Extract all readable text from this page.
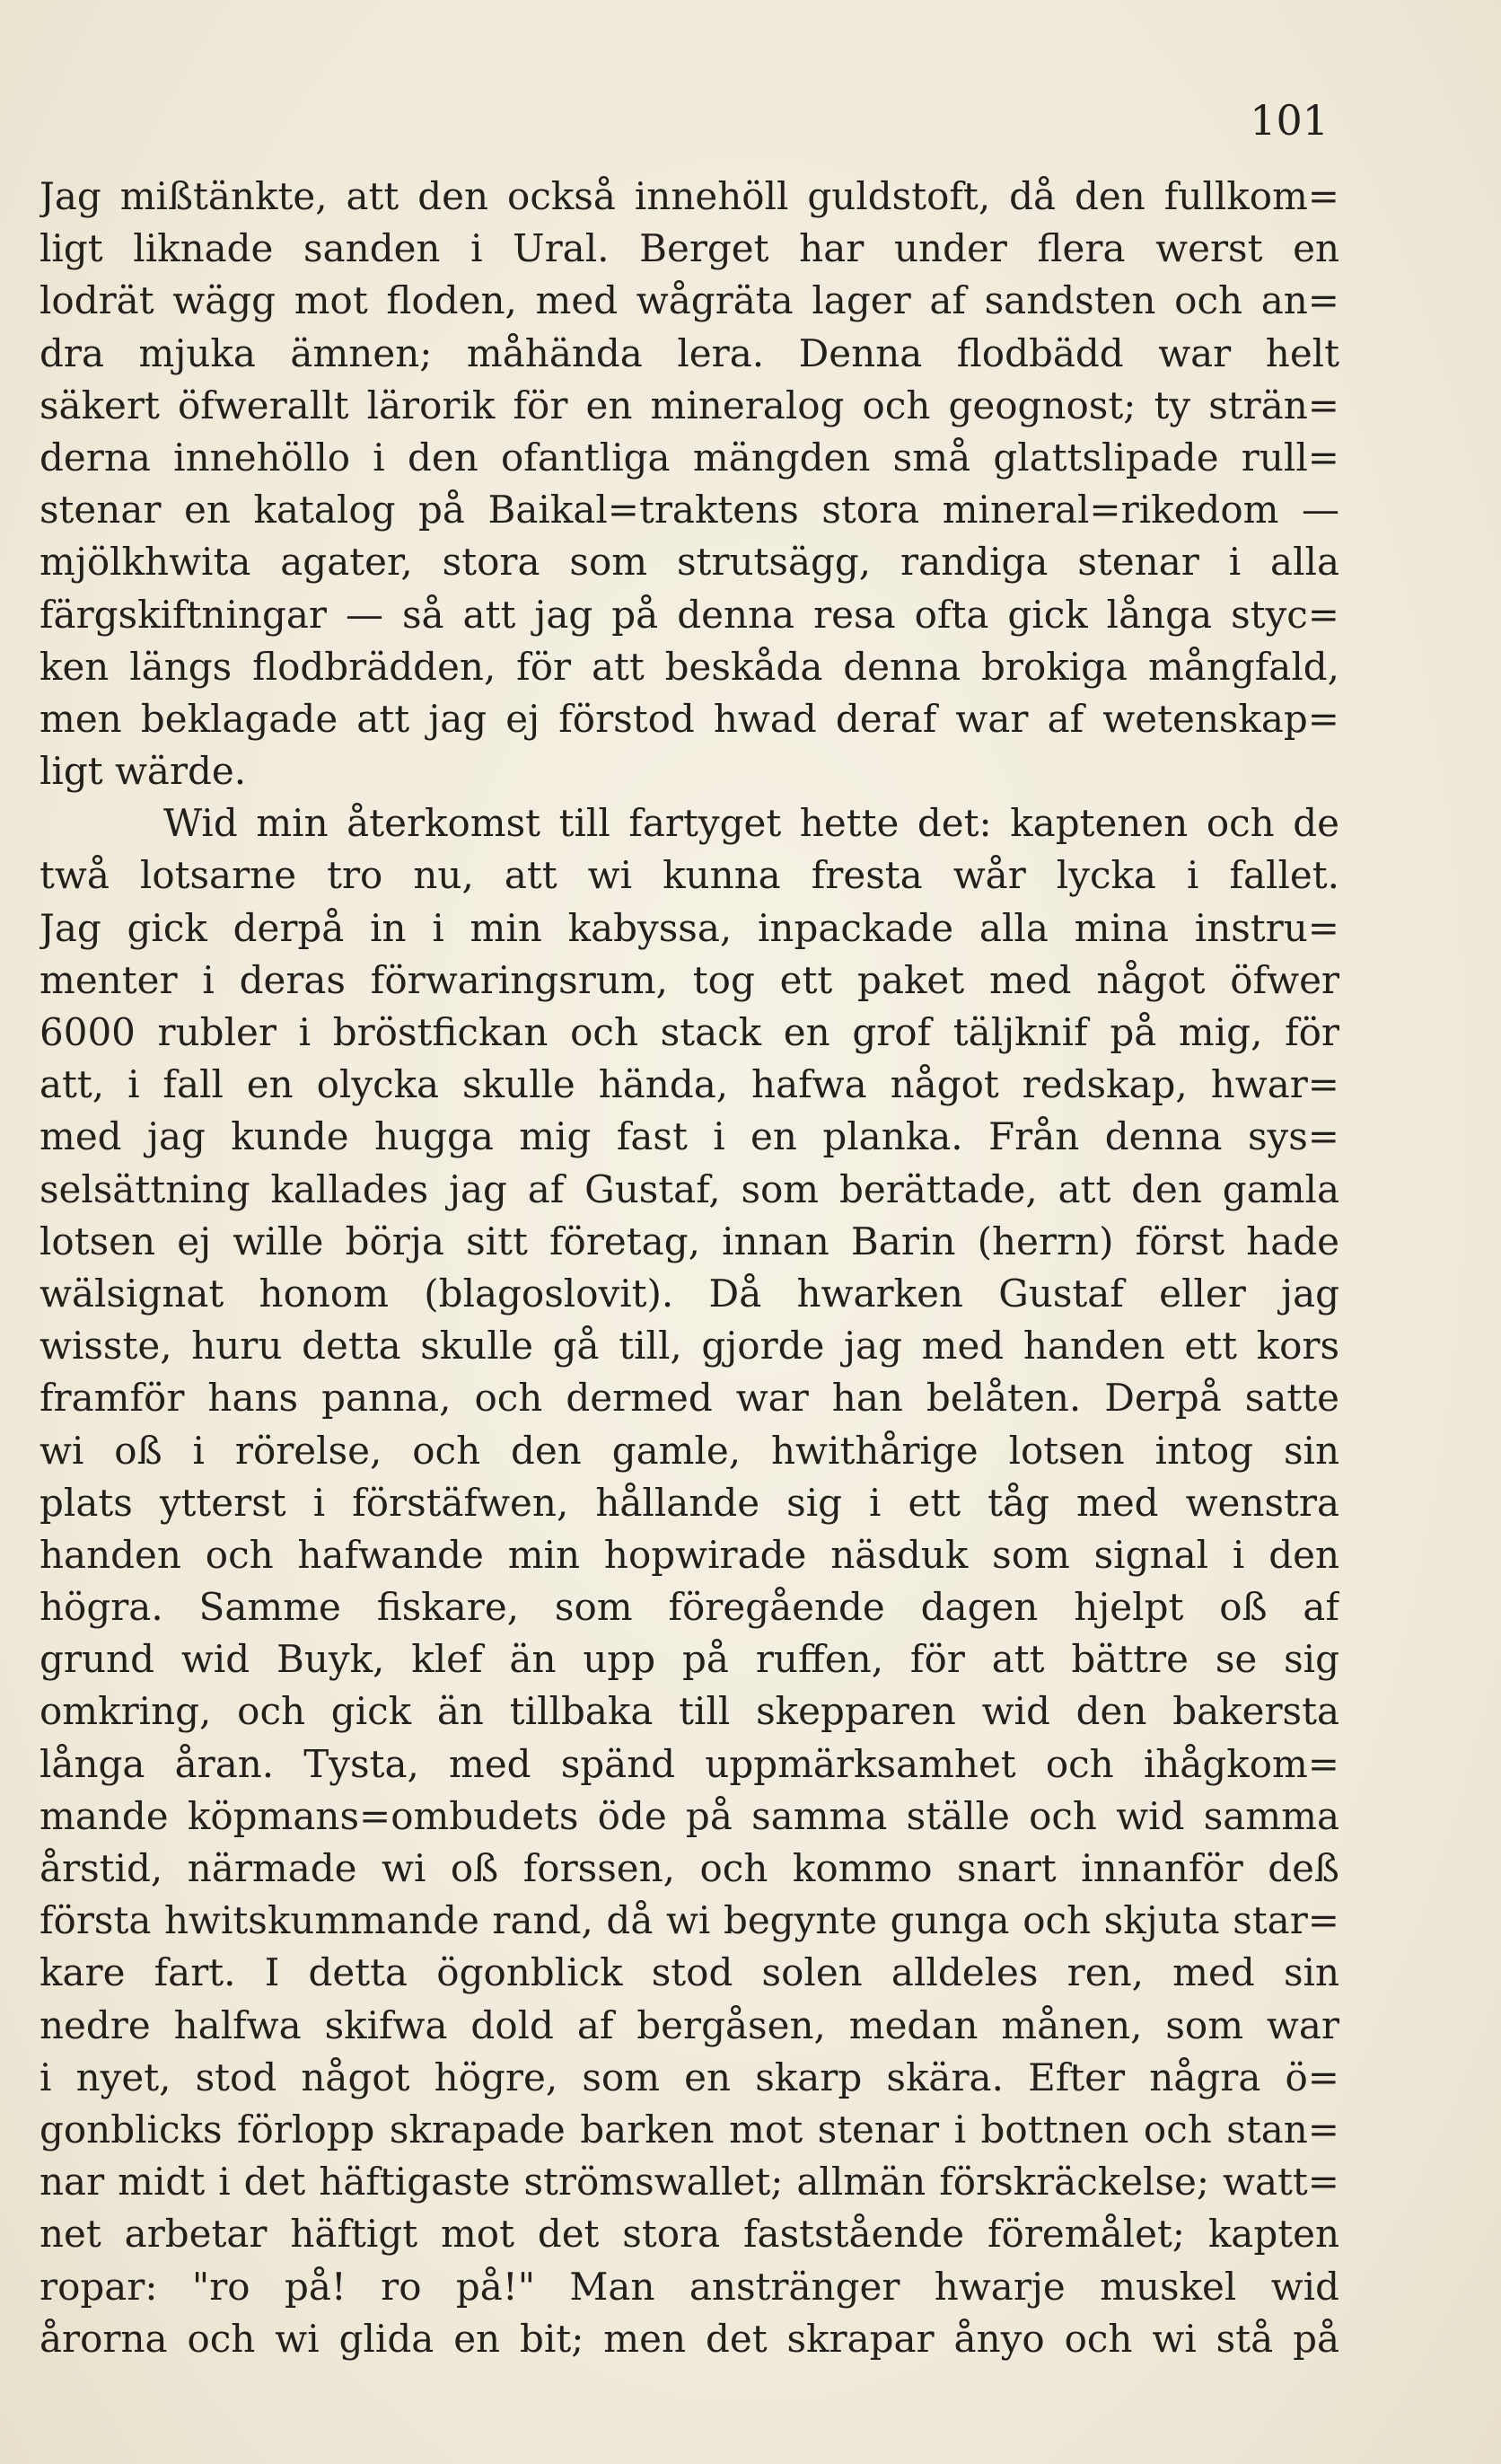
101
Jag mißtänkte, att den också innehöll guldstoft, då den fullkom=
ligt liknade sanden i Ural. Berget har under flera werst en
lodrät wägg mot floden, med wågräta lager af sandsten och an=
dra mjuka ämnen; måhända lera. Denna flodbädd war helt
säkert öfwerallt lärorik för en mineralog och geognost; ty strän=
derna innehöllo i den ofantliga mängden små glattslipade rull=
stenar en katalog på Baikal=traktens stora mineral=rikedom —
mjölkhwita agater, stora som strutsägg, randiga stenar i alla
färgskiftningar — så att jag på denna resa ofta gick långa styc=
ken längs flodbrädden, för att beskåda denna brokiga mångfald,
men beklagade att jag ej förstod hwad deraf war af wetenskap=
ligt wärde.
Wid min återkomst till fartyget hette det: kaptenen och de
twå lotsarne tro nu, att wi kunna fresta wår lycka i fallet.
Jag gick derpå in i min kabyssa, inpackade alla mina instru=
menter i deras förwaringsrum, tog ett paket med något öfwer
6000 rubler i bröstfickan och stack en grof täljknif på mig, för
att, i fall en olycka skulle hända, hafwa något redskap, hwar=
med jag kunde hugga mig fast i en planka. Från denna sys=
selsättning kallades jag af Gustaf, som berättade, att den gamla
lotsen ej wille börja sitt företag, innan Barin (herrn) först hade
wälsignat honom (blagoslovit). Då hwarken Gustaf eller jag
wisste, huru detta skulle gå till, gjorde jag med handen ett kors
framför hans panna, och dermed war han belåten. Derpå satte
wi oß i rörelse, och den gamle, hwithårige lotsen intog sin
plats ytterst i förstäfwen, hållande sig i ett tåg med wenstra
handen och hafwande min hopwirade näsduk som signal i den
högra. Samme fiskare, som föregående dagen hjelpt oß af
grund wid Buyk, klef än upp på ruffen, för att bättre se sig
omkring, och gick än tillbaka till skepparen wid den bakersta
långa åran. Tysta, med spänd uppmärksamhet och ihågkom=
mande köpmans=ombudets öde på samma ställe och wid samma
årstid, närmade wi oß forssen, och kommo snart innanför deß
första hwitskummande rand, då wi begynte gunga och skjuta star=
kare fart. I detta ögonblick stod solen alldeles ren, med sin
nedre halfwa skifwa dold af bergåsen, medan månen, som war
i nyet, stod något högre, som en skarp skära. Efter några ö=
gonblicks förlopp skrapade barken mot stenar i bottnen och stan=
nar midt i det häftigaste strömswallet; allmän förskräckelse; watt=
net arbetar häftigt mot det stora faststående föremålet; kapten
ropar: "ro på! ro på!" Man anstränger hwarje muskel wid
årorna och wi glida en bit; men det skrapar ånyo och wi stå på
